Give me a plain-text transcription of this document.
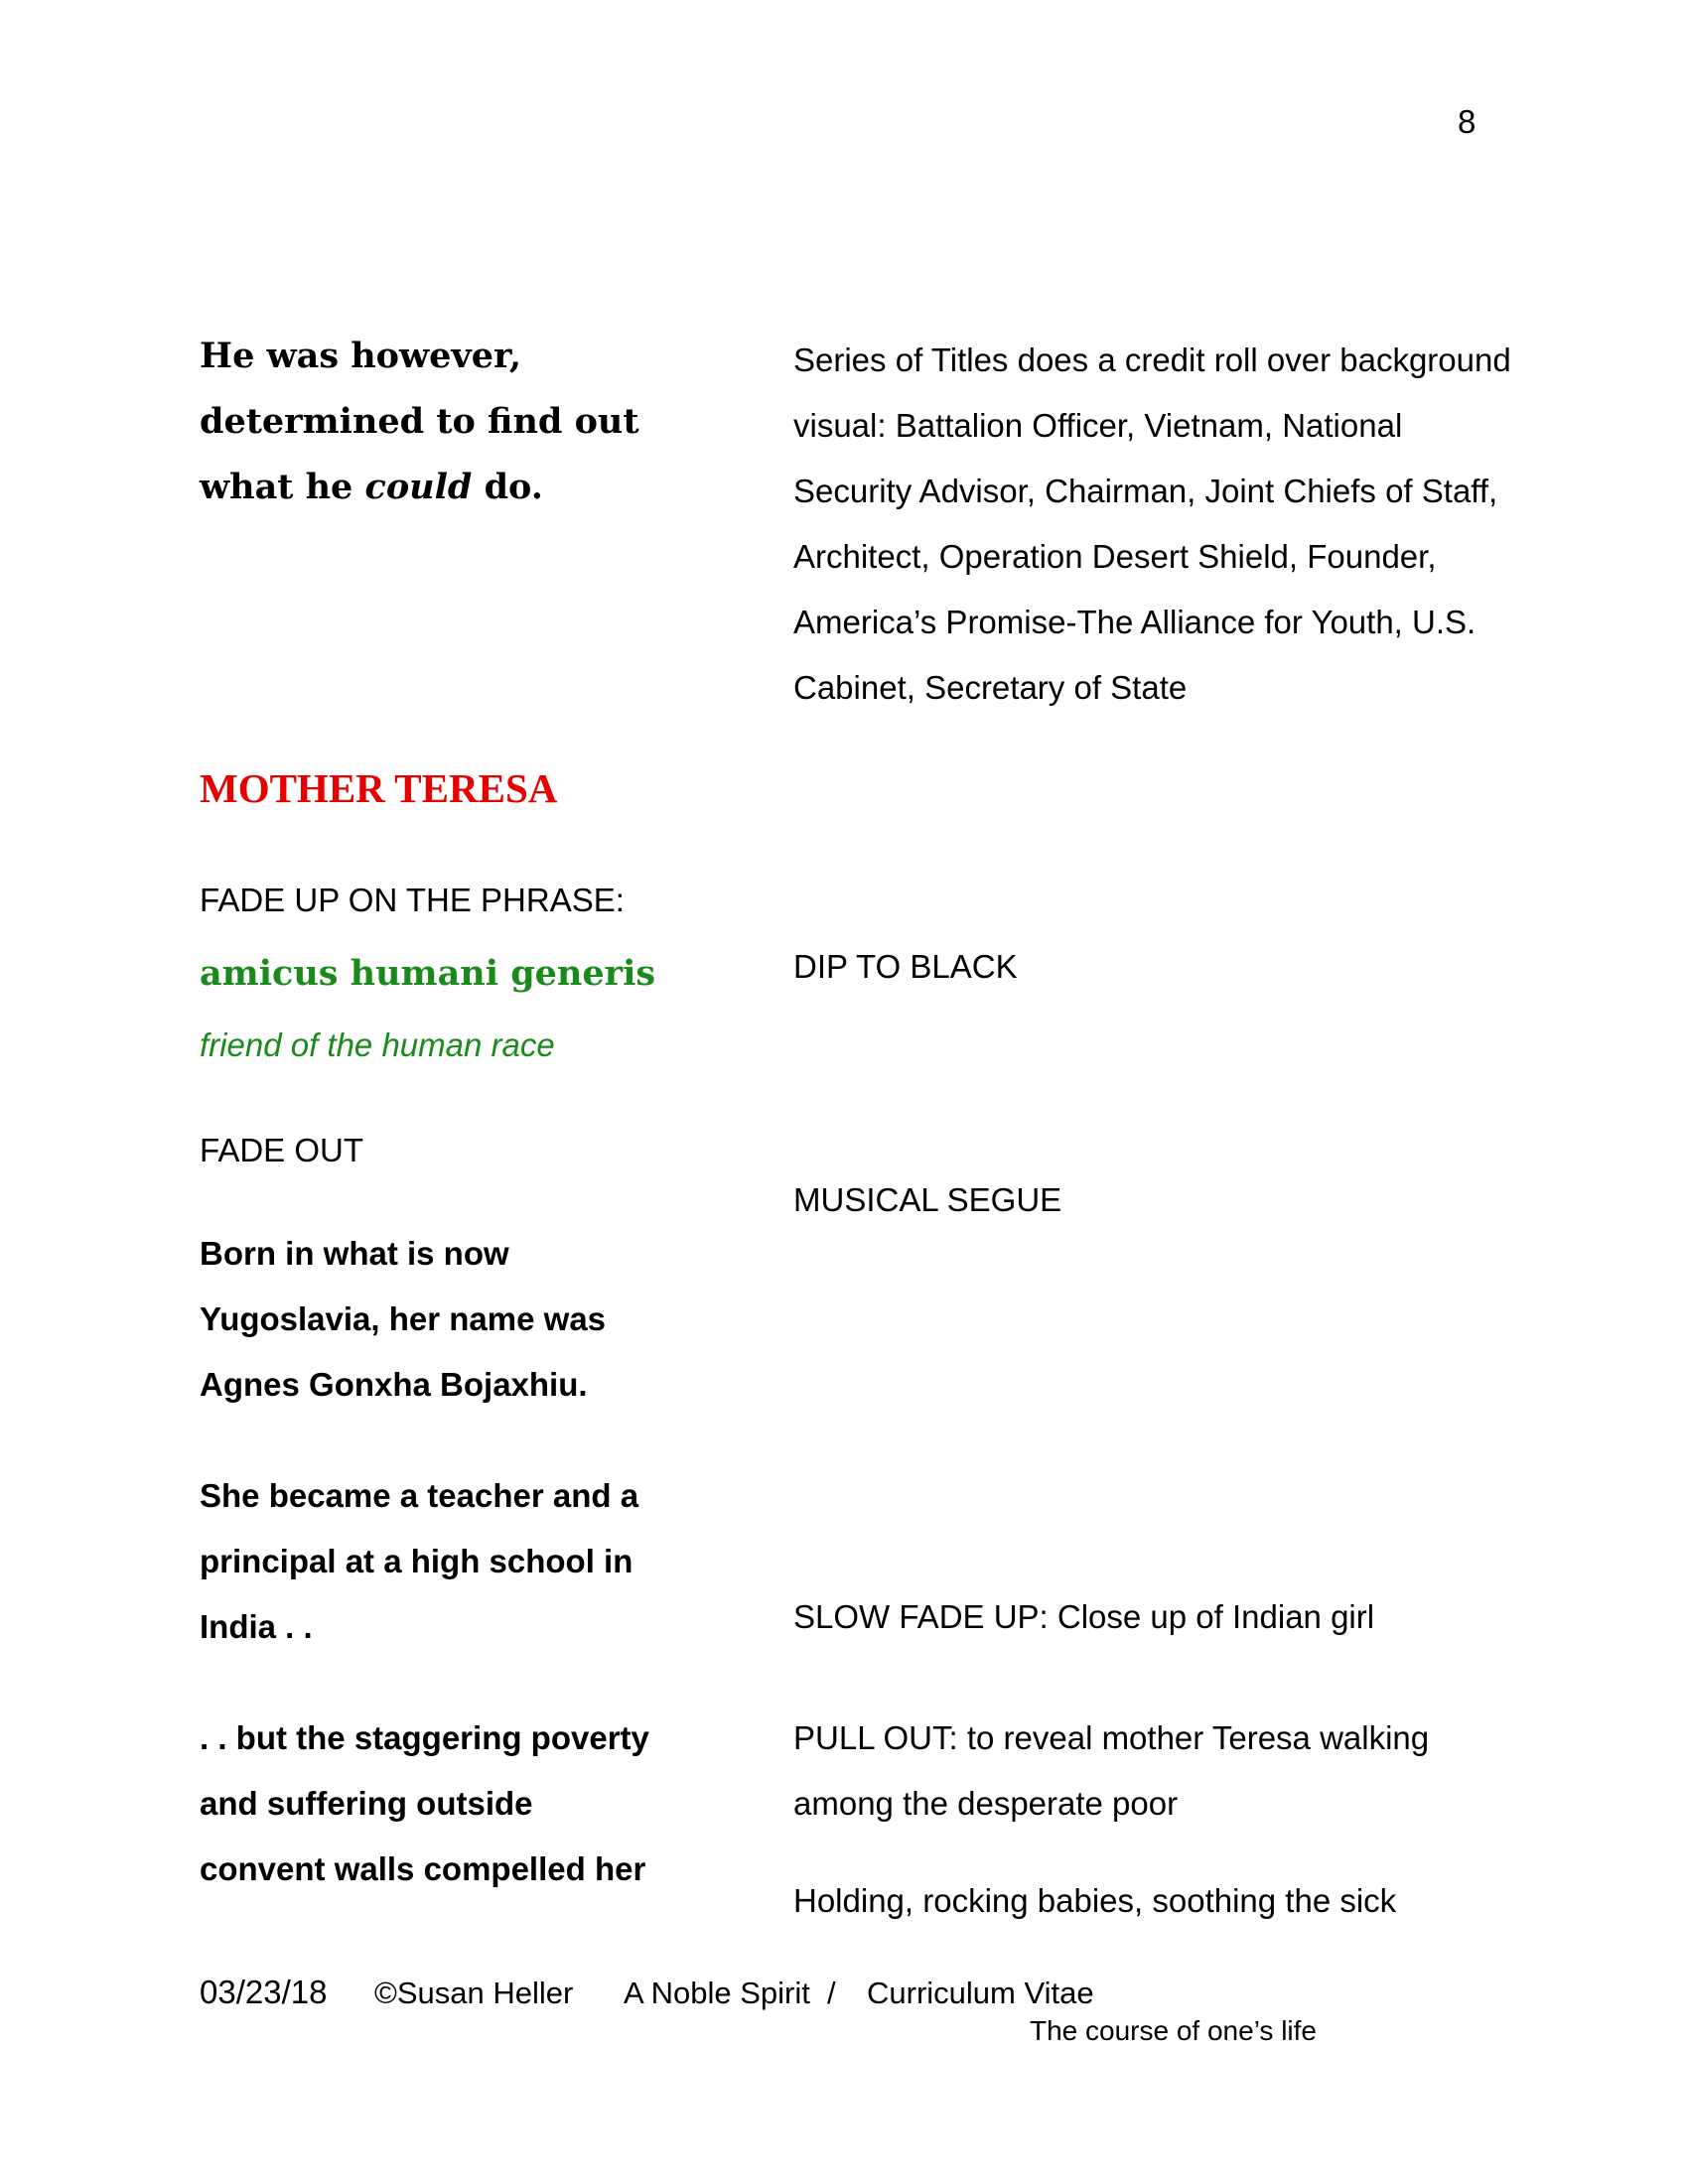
8
He was however,
determined to find out
what he could do.
Series of Titles does a credit roll over background
visual: Battalion Officer, Vietnam, National
Security Advisor, Chairman, Joint Chiefs of Staff,
Architect, Operation Desert Shield, Founder,
America’s Promise-The Alliance for Youth, U.S.
Cabinet, Secretary of State
MOTHER TERESA
FADE UP ON THE PHRASE:
amicus humani generis
friend of the human race
DIP TO BLACK
FADE OUT
MUSICAL SEGUE
Born in what is now
Yugoslavia, her name was
Agnes Gonxha Bojaxhiu.
She became a teacher and a
principal at a high school in
India . .
. . but the staggering poverty
and suffering outside
convent walls compelled her
SLOW FADE UP: Close up of Indian girl
PULL OUT: to reveal mother Teresa walking
among the desperate poor
Holding, rocking babies, soothing the sick
03/23/18 ©Susan Heller A Noble Spirit / Curriculum Vitae
The course of one’s life
